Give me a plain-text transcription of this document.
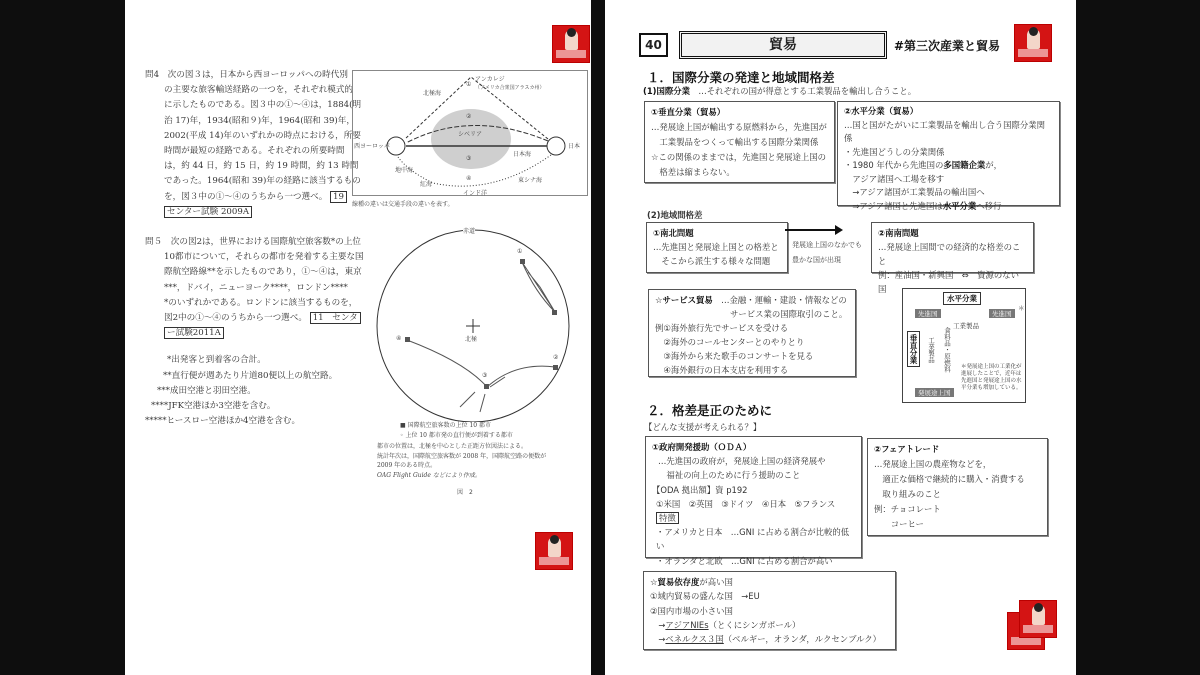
問4　次の図３は，日本から西ヨーロッパへの時代別
の主要な旅客輸送経路の一つを，それぞれ模式的
に示したものである。図３中の①～④は，1884(明
治 17)年，1934(昭和９)年，1964(昭和 39)年，
2002(平成 14)年のいずれかの時点における，所要
時間が最短の経路である。それぞれの所要時間
は，約 44 日，約 15 日，約 19 時間，約 13 時間
であった。1964(昭和 39)年の経路に該当するもの
を，図３中の①～④のうちから一つ選べ。 19
センター試験 2009A
アンカレジ
（アメリカ合衆国アラスカ州）
北極海
①
②
③
④
シベリア
西ヨーロッパ	日本
日本海
地中海
紅海
インド洋
東シナ海
線種の違いは交通手段の違いを表す。
問５　次の図2は，世界における国際航空旅客数*の上位
10都市について，それらの都市を発着する主要な国
際航空路線**を示したものであり，①～④は，東京
***，ドバイ，ニューヨーク****，ロンドン****
*のいずれかである。ロンドンに該当するものを，
図2中の①～④のうちから一つ選べ。 11　センタ
ー試験2011A
*出発客と到着客の合計。
**直行便が週あたり片道80便以上の航空路。
***成田空港と羽田空港。
****JFK空港ほか3空港を含む。
*****ヒースロー空港ほか4空港を含む。
赤道
北極
①
②
③
④
■ 国際航空旅客数の上位 10 都市
◦ 上位 10 都市発の直行便が到着する都市
都市の位置は，北極を中心とした正距方位図法による。
統計年次は，国際航空旅客数が 2008 年，国際航空路の便数が
2009 年のある時点。
OAG Flight Guide などにより作成。
図　2
40	貿易	#第三次産業と貿易
１．国際分業の発達と地域間格差
(1)国際分業　 …それぞれの国が得意とする工業製品を輸出し合うこと。
①垂直分業（貿易）
…発展途上国が輸出する原燃料から，先進国が
　工業製品をつくって輸出する国際分業関係
☆この関係のままでは，先進国と発展途上国の
　格差は縮まらない。
②水平分業（貿易）
…国と国がたがいに工業製品を輸出し合う国際分業関係
・先進国どうしの分業関係
・1980 年代から先進国の多国籍企業が，
　アジア諸国へ工場を移す
　→アジア諸国が工業製品の輸出国へ
　⇒アジア諸国と先進国は水平分業へ移行
(2)地域間格差
①南北問題
…先進国と発展途上国との格差と
　そこから派生する様々な問題
発展途上国のなかでも
豊かな国が出現
②南南問題
…発展途上国間での経済的な格差のこと
例：産油国・新興国　⇔　資源のない国
☆サービス貿易　 …金融・運輸・建設・情報などの
サービス業の国際取引のこと。
例①海外旅行先でサービスを受ける
　②海外のコールセンターとのやりとり
　③海外から来た歌手のコンサートを見る
　④海外銀行の日本支店を利用する
水平分業
先進国	先進国
＊
工業製品
垂直分業	工業製品 食料品・原燃料
発展途上国
＊発展途上国の工業化が進展したことで，近年は先進国と発展途上国の水平分業も増加している。
２．格差是正のために
【どんな支援が考えられる？】
①政府開発援助（ＯＤＡ）
…先進国の政府が，発展途上国の経済発展や
　福祉の向上のために行う援助のこと
【ODA 拠出額】資 p192
①米国　②英国　③ドイツ　④日本　⑤フランス
特徴
・アメリカと日本　…GNI に占める割合が比較的低い
・オランダと北欧　…GNI に占める割合が高い
②フェアトレード
…発展途上国の農産物などを，
　適正な価格で継続的に購入・消費する
　取り組みのこと
例：チョコレート
　　コーヒー
☆貿易依存度が高い国
①域内貿易の盛んな国　→EU
②国内市場の小さい国
　→アジアNIEs（とくにシンガポール）
　→ベネルクス３国（ベルギー，オランダ，ルクセンブルク）
